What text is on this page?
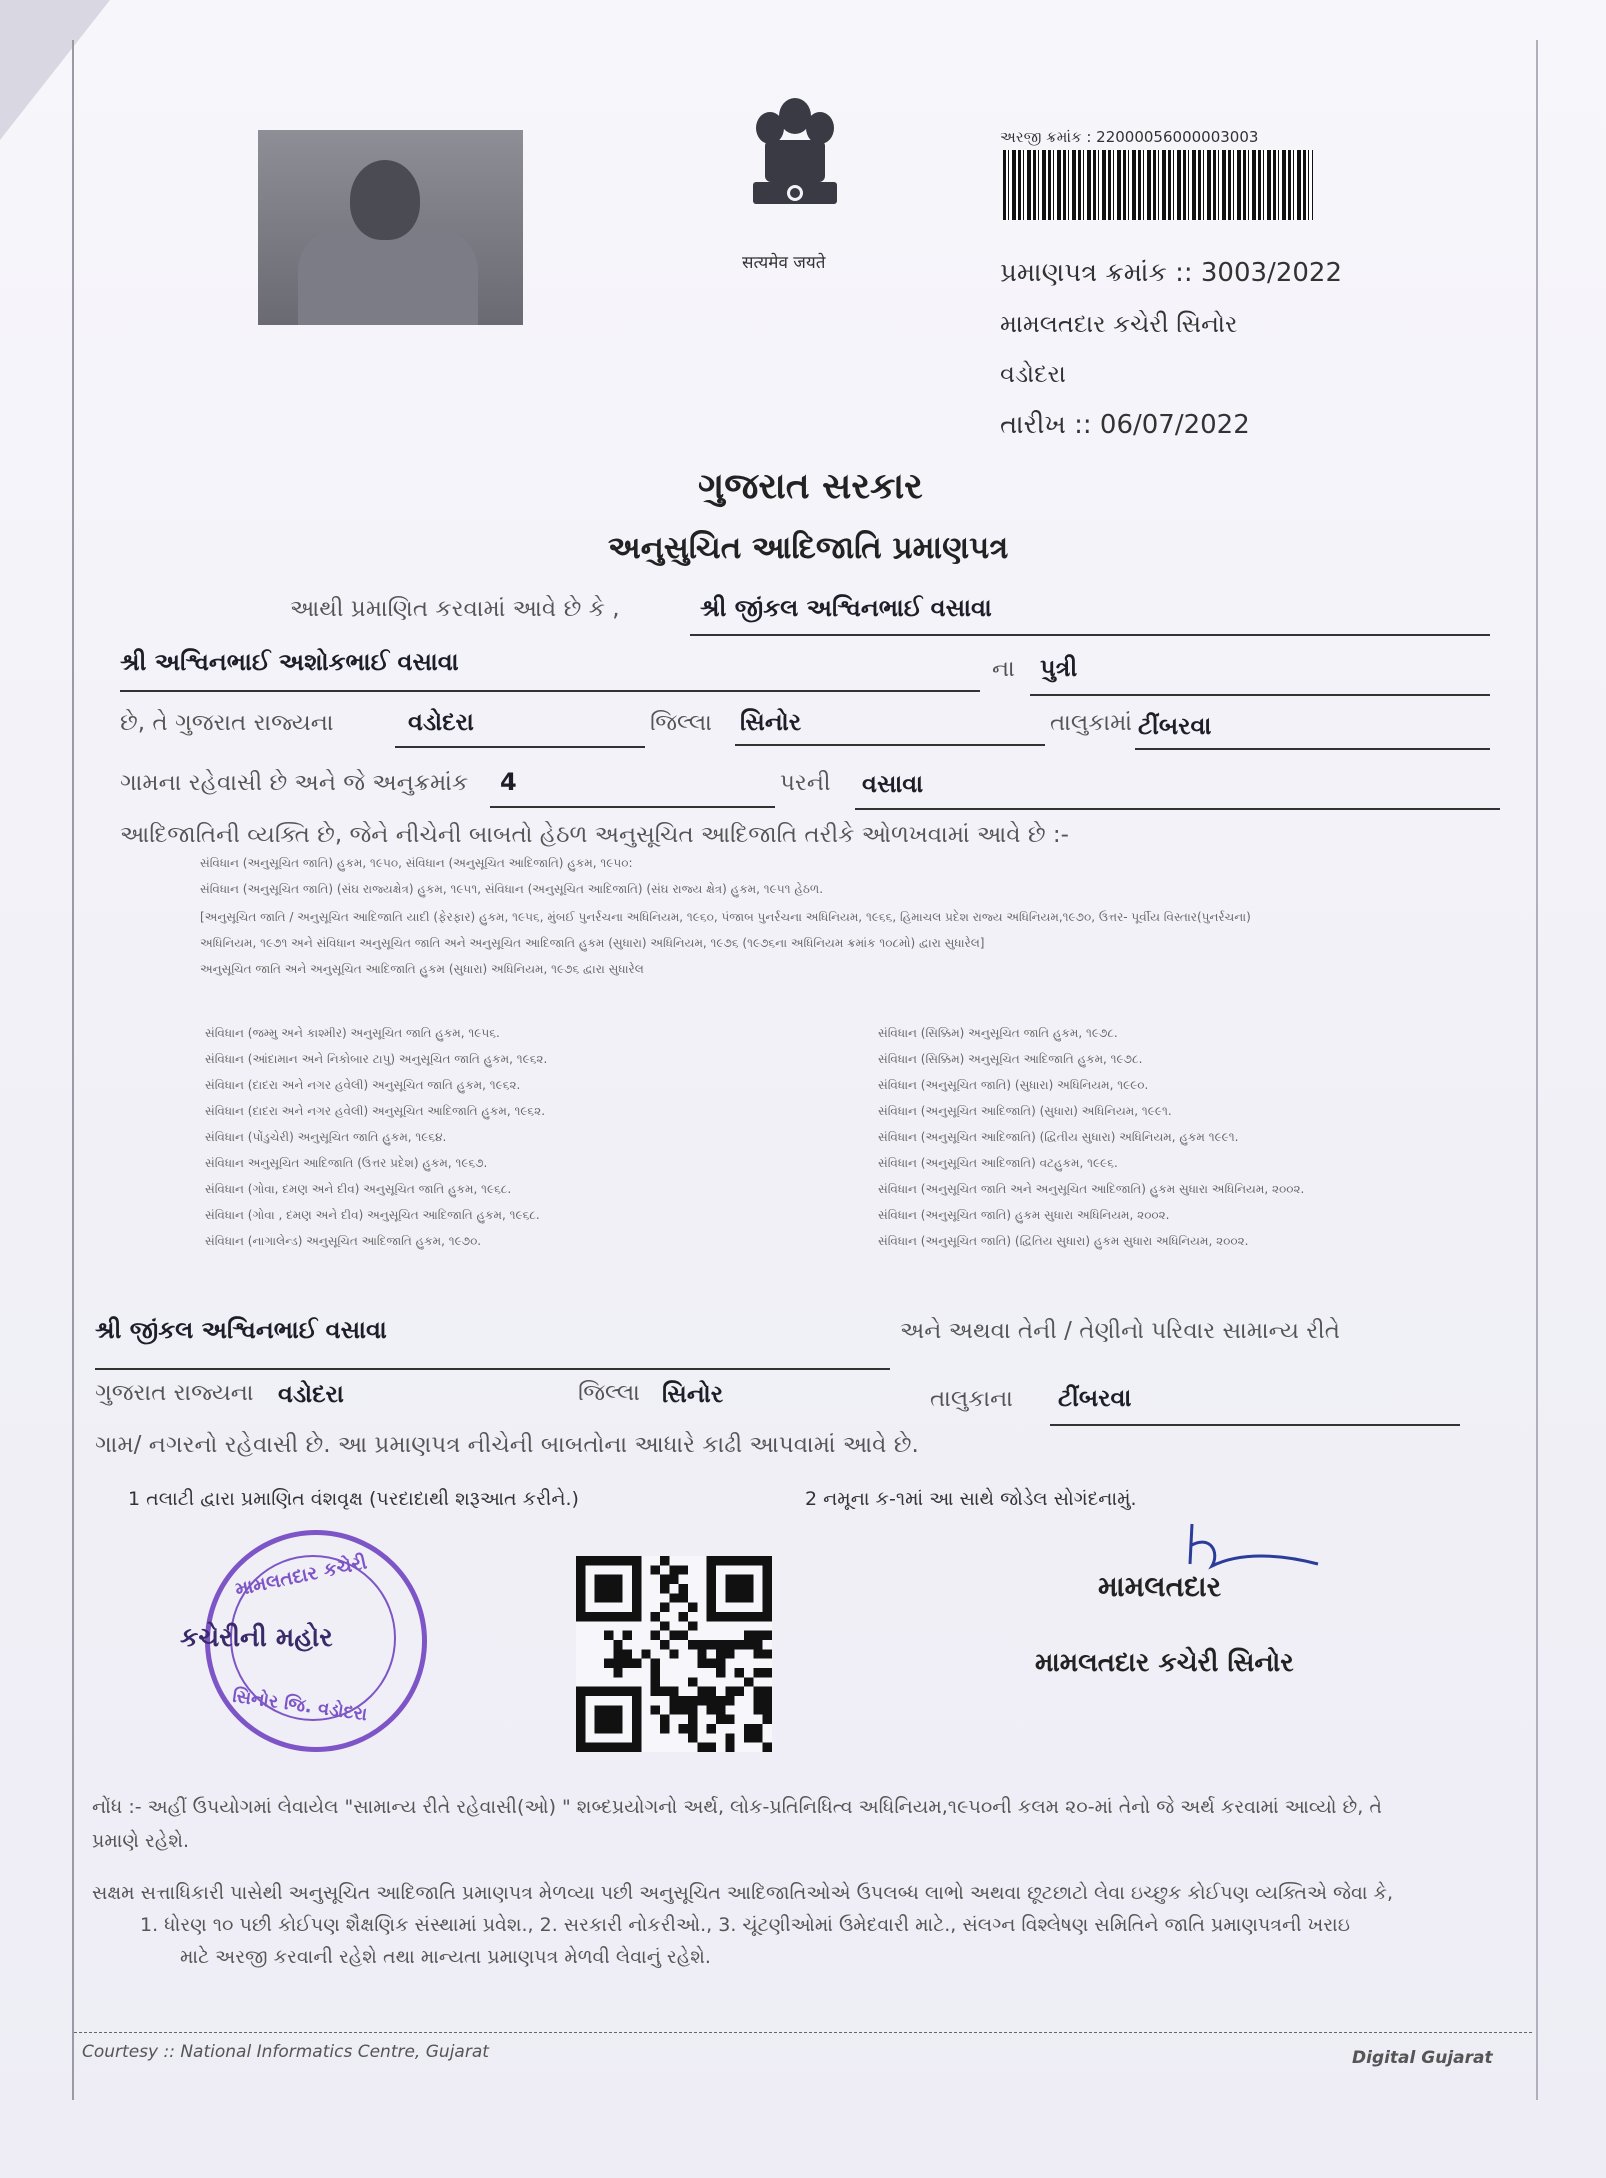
सत्यमेव जयते
અરજી ક્રમાંક : 22000056000003003
પ્રમાણપત્ર ક્રમાંક :: 3003/2022
મામલતદાર કચેરી સિનોર
વડોદરા
તારીખ :: 06/07/2022
ગુજરાત સરકાર
અનુસુચિત આદિજાતિ પ્રમાણપત્ર
આથી પ્રમાણિત કરવામાં આવે છે કે ,	શ્રી જીંકલ અશ્વિનભાઈ વસાવા
શ્રી અશ્વિનભાઈ અશોકભાઈ વસાવા	ના પુત્રી
છે, તે ગુજરાત રાજ્યના	વડોદરા	જિલ્લા સિનોર	તાલુકામાં ટીંબરવા
ગામના રહેવાસી છે અને જે અનુક્રમાંક 4	પરની વસાવા
આદિજાતિની વ્યક્તિ છે, જેને નીચેની બાબતો હેઠળ અનુસૂચિત આદિજાતિ તરીકે ઓળખવામાં આવે છે :-
સંવિધાન (અનુસૂચિત જાતિ) હુકમ, ૧૯૫૦, સંવિધાન (અનુસૂચિત આદિજાતિ) હુકમ, ૧૯૫૦:
સંવિધાન (અનુસૂચિત જાતિ) (સંઘ રાજ્યક્ષેત્ર) હુકમ, ૧૯૫૧, સંવિધાન (અનુસૂચિત આદિજાતિ) (સંઘ રાજ્ય ક્ષેત્ર) હુકમ, ૧૯૫૧ હેઠળ.
[અનુસૂચિત જાતિ / અનુસૂચિત આદિજાતિ યાદી (ફેરફાર) હુકમ, ૧૯૫૬, મુંબઈ પુનર્રચના અધિનિયમ, ૧૯૬૦, પંજાબ પુનર્રચના અધિનિયમ, ૧૯૬૬, હિમાચલ પ્રદેશ રાજ્ય અધિનિયમ,૧૯૭૦, ઉત્તર- પૂર્વીય વિસ્તાર(પુનર્રચના)
અધિનિયમ, ૧૯૭૧ અને સંવિધાન અનુસૂચિત જાતિ અને અનુસૂચિત આદિજાતિ હુકમ (સુધારા) અધિનિયમ, ૧૯૭૬ (૧૯૭૬ના અધિનિયમ ક્રમાંક ૧૦૮મો) દ્વારા સુધારેલ]
અનુસૂચિત જાતિ અને અનુસૂચિત આદિજાતિ હુકમ (સુધારા) અધિનિયમ, ૧૯૭૬ દ્વારા સુધારેલ
સંવિધાન (જમ્મુ અને કાશ્મીર) અનુસૂચિત જાતિ હુકમ, ૧૯૫૬.
સંવિધાન (આંદામાન અને નિકોબાર ટાપુ) અનુસૂચિત જાતિ હુકમ, ૧૯૬૨.
સંવિધાન (દાદરા અને નગર હવેલી) અનુસૂચિત જાતિ હુકમ, ૧૯૬૨.
સંવિધાન (દાદરા અને નગર હવેલી) અનુસૂચિત આદિજાતિ હુકમ, ૧૯૬૨.
સંવિધાન (પોંડુચેરી) અનુસૂચિત જાતિ હુકમ, ૧૯૬૪.
સંવિધાન અનુસૂચિત આદિજાતિ (ઉત્તર પ્રદેશ) હુકમ, ૧૯૬૭.
સંવિધાન (ગોવા, દમણ અને દીવ) અનુસૂચિત જાતિ હુકમ, ૧૯૬૮.
સંવિધાન (ગોવા , દમણ અને દીવ) અનુસૂચિત આદિજાતિ હુકમ, ૧૯૬૮.
સંવિધાન (નાગાલેન્ડ) અનુસૂચિત આદિજાતિ હુકમ, ૧૯૭૦.
સંવિધાન (સિક્કિમ) અનુસૂચિત જાતિ હુકમ, ૧૯૭૮.
સંવિધાન (સિક્કિમ) અનુસૂચિત આદિજાતિ હુકમ, ૧૯૭૮.
સંવિધાન (અનુસૂચિત જાતિ) (સુધારા) અધિનિયમ, ૧૯૯૦.
સંવિધાન (અનુસૂચિત આદિજાતિ) (સુધારા) અધિનિયમ, ૧૯૯૧.
સંવિધાન (અનુસૂચિત આદિજાતિ) (દ્વિતીય સુધારા) અધિનિયમ, હુકમ ૧૯૯૧.
સંવિધાન (અનુસૂચિત આદિજાતિ) વટહુકમ, ૧૯૯૬.
સંવિધાન (અનુસૂચિત જાતિ અને અનુસૂચિત આદિજાતિ) હુકમ સુધારા અધિનિયમ, ૨૦૦૨.
સંવિધાન (અનુસૂચિત જાતિ) હુકમ સુધારા અધિનિયમ, ૨૦૦૨.
સંવિધાન (અનુસૂચિત જાતિ) (દ્વિતિય સુધારા) હુકમ સુધારા અધિનિયમ, ૨૦૦૨.
શ્રી જીંકલ અશ્વિનભાઈ વસાવા	અને અથવા તેની / તેણીનો પરિવાર સામાન્ય રીતે
ગુજરાત રાજ્યના વડોદરા	જિલ્લા સિનોર	તાલુકાના ટીંબરવા
ગામ/ નગરનો રહેવાસી છે. આ પ્રમાણપત્ર નીચેની બાબતોના આધારે કાઢી આપવામાં આવે છે.
1 તલાટી દ્વારા પ્રમાણિત વંશવૃક્ષ (પરદાદાથી શરૂઆત કરીને.)	2 નમૂના ક-૧માં આ સાથે જોડેલ સોગંદનામું.
મામલતદાર કચેરી
કચેરીની મહોર
સિનોર જિ. વડોદરા
મામલતદાર
મામલતદાર કચેરી સિનોર
નોંધ :- અહીં ઉપયોગમાં લેવાયેલ "સામાન્ય રીતે રહેવાસી(ઓ) " શબ્દપ્રયોગનો અર્થ, લોક-પ્રતિનિધિત્વ અધિનિયમ,૧૯૫૦ની કલમ ૨૦-માં તેનો જે અર્થ કરવામાં આવ્યો છે, તે
પ્રમાણે રહેશે.
સક્ષમ સત્તાધિકારી પાસેથી અનુસૂચિત આદિજાતિ પ્રમાણપત્ર મેળવ્યા પછી અનુસૂચિત આદિજાતિઓએ ઉપલબ્ધ લાભો અથવા છૂટછાટો લેવા ઇચ્છુક કોઈપણ વ્યક્તિએ જેવા કે,
1. ધોરણ ૧૦ પછી કોઈપણ શૈક્ષણિક સંસ્થામાં પ્રવેશ., 2. સરકારી નોકરીઓ., 3. ચૂંટણીઓમાં ઉમેદવારી માટે., સંલગ્ન વિશ્લેષણ સમિતિને જાતિ પ્રમાણપત્રની ખરાઇ
માટે અરજી કરવાની રહેશે તથા માન્યતા પ્રમાણપત્ર મેળવી લેવાનું રહેશે.
Courtesy :: National Informatics Centre, Gujarat	Digital Gujarat
